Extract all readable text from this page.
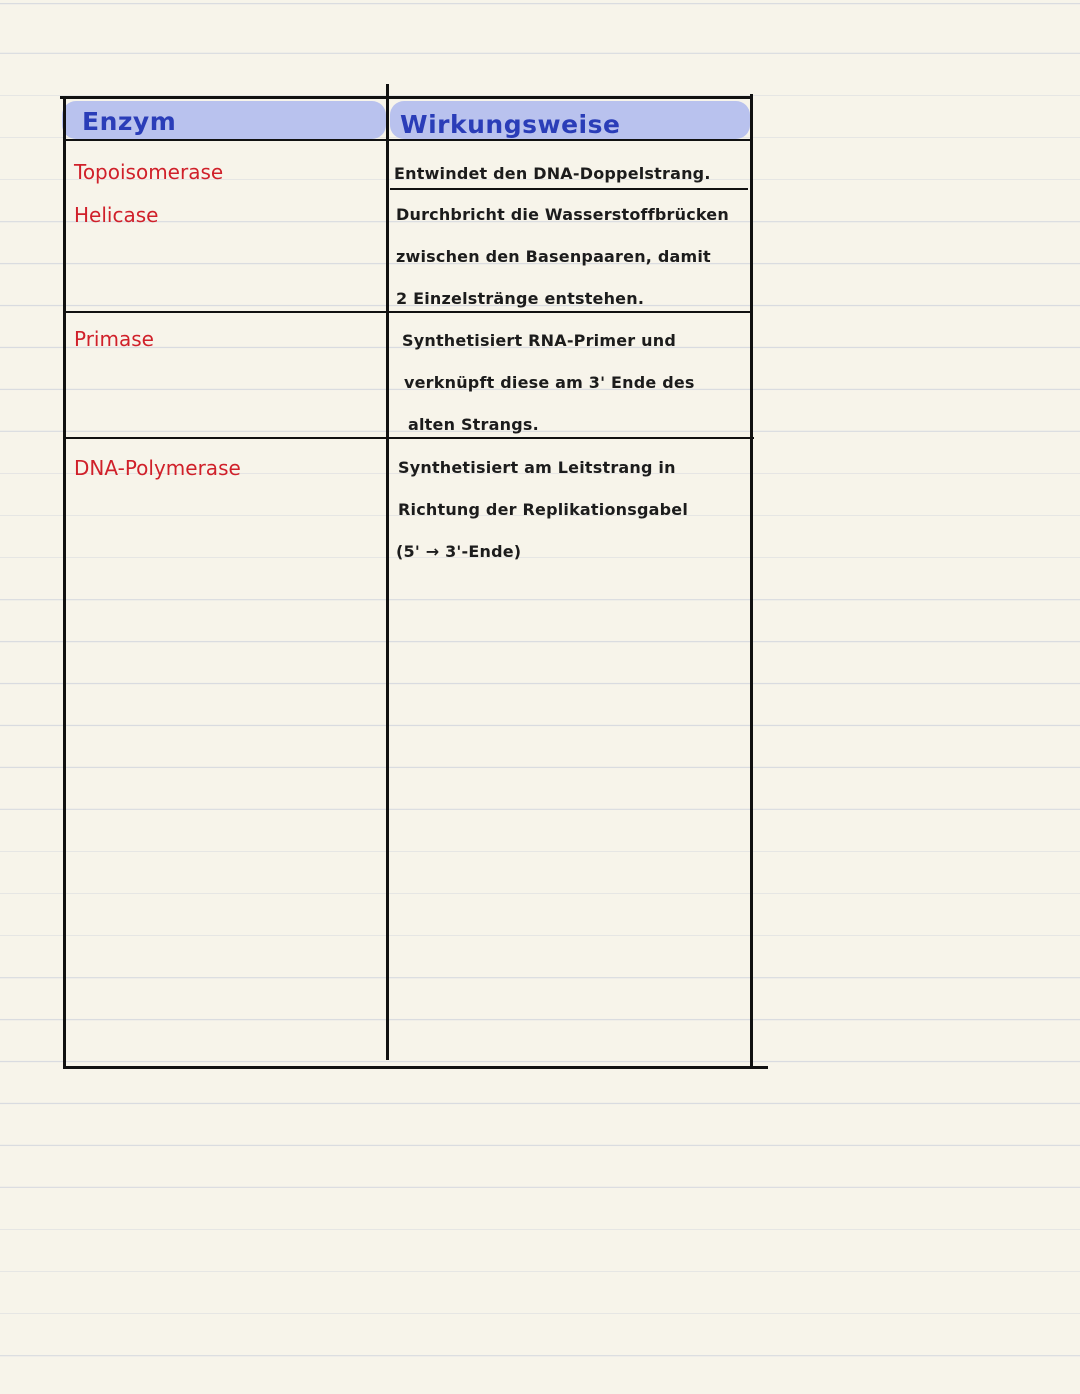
Enzym	Wirkungsweise
Topoisomerase	Entwindet den DNA-Doppelstrang.
Helicase	Durchbricht die Wasserstoffbrücken
zwischen den Basenpaaren, damit
2 Einzelstränge entstehen.
Primase	Synthetisiert RNA-Primer und
verknüpft diese am 3' Ende des
alten Strangs.
DNA-Polymerase	Synthetisiert am Leitstrang in
Richtung der Replikationsgabel
(5' → 3'-Ende)
